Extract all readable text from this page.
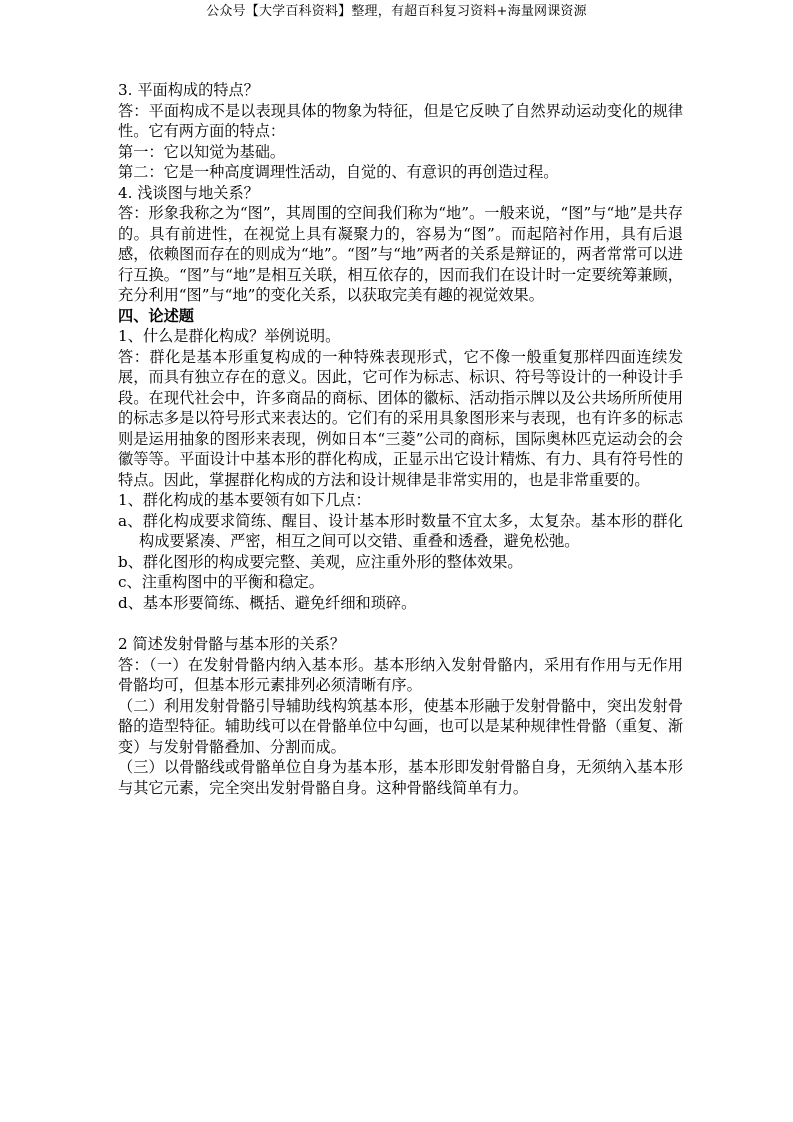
公众号【大学百科资料】整理，有超百科复习资料+海量网课资源

3. 平面构成的特点？

答：平面构成不是以表现具体的物象为特征，但是它反映了自然界动运动变化的规律性。它有两方面的特点：

第一：它以知觉为基础。

第二：它是一种高度调理性活动，自觉的、有意识的再创造过程。

4. 浅谈图与地关系？

答：形象我称之为“图”，其周围的空间我们称为“地”。一般来说，“图”与“地”是共存的。具有前进性，在视觉上具有凝聚力的，容易为“图”。而起陪衬作用，具有后退感，依赖图而存在的则成为“地”。“图”与“地”两者的关系是辩证的，两者常常可以进行互换。“图”与“地”是相互关联，相互依存的，因而我们在设计时一定要统筹兼顾，充分利用“图”与“地”的变化关系，以获取完美有趣的视觉效果。

四、论述题

1、什么是群化构成？举例说明。

答：群化是基本形重复构成的一种特殊表现形式，它不像一般重复那样四面连续发展，而具有独立存在的意义。因此，它可作为标志、标识、符号等设计的一种设计手段。在现代社会中，许多商品的商标、团体的徽标、活动指示牌以及公共场所所使用的标志多是以符号形式来表达的。它们有的采用具象图形来与表现，也有许多的标志则是运用抽象的图形来表现，例如日本“三菱”公司的商标，国际奥林匹克运动会的会徽等等。平面设计中基本形的群化构成，正显示出它设计精炼、有力、具有符号性的特点。因此，掌握群化构成的方法和设计规律是非常实用的，也是非常重要的。

1、群化构成的基本要领有如下几点：

a、群化构成要求简练、醒目、设计基本形时数量不宜太多，太复杂。基本形的群化构成要紧凑、严密，相互之间可以交错、重叠和透叠，避免松弛。

b、群化图形的构成要完整、美观，应注重外形的整体效果。

c、注重构图中的平衡和稳定。

d、基本形要简练、概括、避免纤细和琐碎。

2 简述发射骨骼与基本形的关系？

答：（一）在发射骨骼内纳入基本形。基本形纳入发射骨骼内，采用有作用与无作用骨骼均可，但基本形元素排列必须清晰有序。

（二）利用发射骨骼引导辅助线构筑基本形，使基本形融于发射骨骼中，突出发射骨骼的造型特征。辅助线可以在骨骼单位中勾画，也可以是某种规律性骨骼（重复、渐变）与发射骨骼叠加、分割而成。

（三）以骨骼线或骨骼单位自身为基本形，基本形即发射骨骼自身，无须纳入基本形与其它元素，完全突出发射骨骼自身。这种骨骼线简单有力。
